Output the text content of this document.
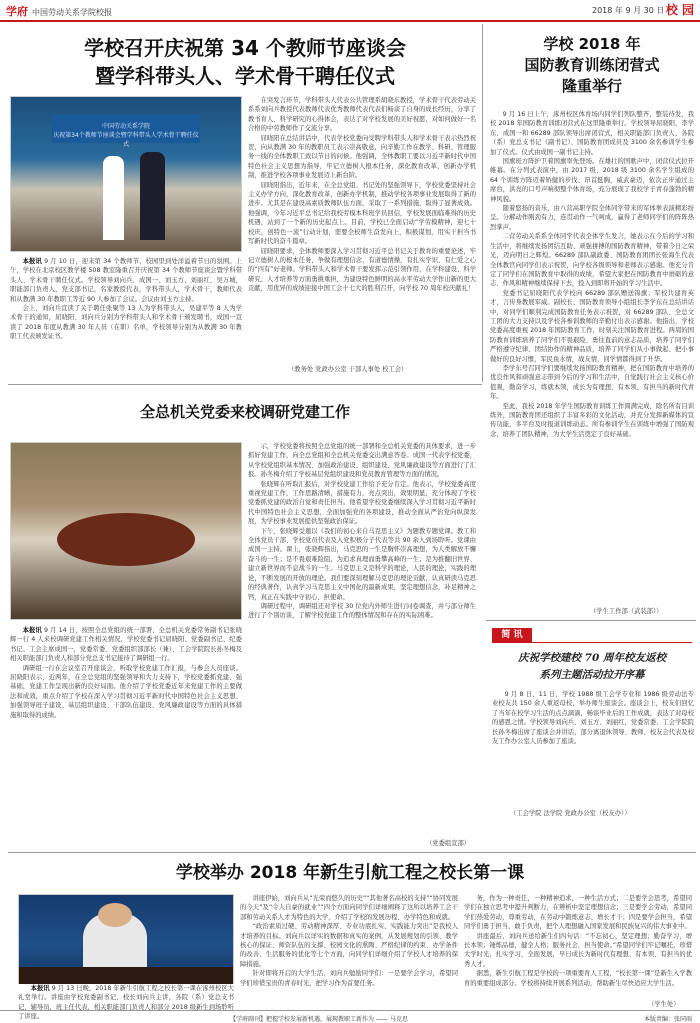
学府 中国劳动关系学院校报	2018 年 9 月 30 日 校 园
学校召开庆祝第 34 个教师节座谈会
暨学科带头人、学术骨干聘任仪式
中国劳动关系学院
庆祝第34个教师节座谈会暨学科带头人学术骨干聘任仪式

本报讯 9 月 10 日，迎来第 34 个教师节，校园里到处洋溢着节日的氛围。上午，学校在北京校区教学楼 508 教室隆重召开庆祝第 34 个教师节座谈会暨学科带头人、学术骨干聘任仪式。学校领导刘向兵、成国一、刘玉方、刘丽红、吴万城，职能部门负责人，党支部书记，名家教授代表，学科带头人，学术骨干，教师代表和从教满 30 年教职工等近 90 人参加了会议。会议由刘玉方主持。

会上，刘向兵宣读了关于聘任张聚等 13 人为学科带头人，吴建平等 8 人为学术骨干的通知，屈晓阳、刘向兵分别为学科带头人和学术骨干颁发聘书，成国一宣读了 2018 年度从教满 30 年人员（在职）名单，学校领导分别为从教满 30 年教职工代表颁发证书。

在突发言环节，学科带头人代表公共管理系胡晓东教授，学术骨干代表劳动关系系刘向兵教授代表教师代表优秀教师代表代表们畅谈了自身的成长经历，分享了教书育人、科学研究的心得体会，表达了对学校发展的美好祝愿，对如何做好一名合格的中劳教师作了交流分享。

屈晓阳在总结讲话中，代表学校党委向受聘学科带头人和学术骨干表示热烈祝贺，向从教满 30 年的教职员工表示崇高敬意，向辛勤工作在教学、科研、管理服务一线的全体教职工致以节日的问候。他强调，全体教职工要以习近平新时代中国特色社会主义思想为指导，牢记立德树人根本任务，深化教育改革，创新办学机制，推进学校各项事业发展迈上新台阶。

屈晓阳指出，近年来，在全总党组、书记处的坚强领导下，学校党委坚持社会主义办学方向，深化教育改革，创新办学机制，推动学校各项事业发展取得了新的进步。尤其是在建设高素质教师队伍方面，采取了一系列措施，取得了显著成效。他强调，今年习近平总书记给我校劳模本科班学员回信，学校发展面临难得的历史机遇，站到了一个新的历史起点上。目前，学校已全面启动“学劳模精神，迎七十校庆，创特色一流”行动计划，需要全校师生奋发向上，积极谋划，用实干担当书写新时代的奋斗篇章。

屈晓阳要求，全体教师要深入学习贯彻习近平总书记关于教育的重要论述，牢记立德树人的根本任务，争做有理想信念、有道德情操、有扎实学识、有仁爱之心的“四有”好老师。学科带头人和学术骨干要发挥示范引领作用，在学科建设、科学研究、人才培养等方面勇挑重担，为建设特色鲜明的高水平劳动大学作出新的更大贡献，用优异的成绩迎接中国工会十七大的胜利召开，向学校 70 周年校庆献礼！

（教务处 党政办公室 干部人事处 校工会）
学校 2018 年
国防教育训练闭营式
隆重举行

9 月 16 日上午，涿州校区体育场内同学们列队整齐，整装待发，我校 2018 年国防教育训练闭营式在这里隆重举行。学校领导屈晓阳、李学东、成国一和 66289 部队领导出席闭营式，相关职能部门负责人、各院（系）党总支书记（副书记）、国防教育团成员及 3100 余名参训学生参加了仪式。仪式由成国一副书记主持。

国旗班方阵护卫着国旗率先登场。在雄壮的国歌声中，闭营仪式拉开帷幕。在分列式表演中，由 2017 级、2018 级 3100 余名学生组成的 64 个训练方阵迈着矫健的步伐、昂首挺胸，威武豪迈，依次正步通过主席台，洪亮的口号声响彻整个体育场，充分展现了我校学子青春蓬勃的精神风貌。

随着悠扬的音乐，由八营高职学院全体同学带来的军体拳表演精彩纷呈。分解动作刚劲有力，连贯动作一气呵成，赢得了老师同学们的阵阵热烈掌声。

二营劳动关系系全体同学代表全体学生发言，她表示在今后的学习和生活中，将继续发扬团结互助、顽强拼搏的国防教育精神，带着今日之荣光，迈向明日之辉煌。66289 部队副政委、国防教育团团长张海生代表全体教官向同学们表示祝贺，向学校各级领导和老师表示感谢。他充分肯定了同学们在国防教育中取得的成绩，希望大家把在国防教育中磨砺的意志、作风和精神继续保持下去，投入到即将开始的学习生活中。

党委书记屈晓阳代表学校向 66289 部队赠送锦旗；军校共建育英才，言传身教展军威。副校长、国防教育领导小组组长李学东在总结讲话中，对同学们顺利完成国防教育任务表示祝贺，对 66289 部队、全总文工团的大力支持以及学校各参训教师的辛勤付出表示感谢。他指出，学校党委高度重视 2018 年国防教育工作，时刻关注国防教育进程。两周的国防教育训练培养了同学们不畏艰险、勇往直前的意志品质，培养了同学们严格遵守纪律、团结协作的精神品质，培养了同学们从小事做起、把小事做好的良好习惯，军民鱼水情，战友情，同学情都得到了升华。

李学东号召同学们要继续发扬国防教育精神，把在国防教育中培养的优良作风和顽强意志带到今后的学习和生活中，自觉践行社会主义核心价值观，勤奋学习，练就本领，成长为有理想、有本领、有担当的新时代青年。

至此，我校 2018 年学生国防教育训练工作圆满完成，除名所有目训练外，国防教育团还组织了丰富多彩的文化活动，并充分发挥新媒体的宣传功能，多平台及时报道训练动态。所有参训学生在训练中增强了国防观念，培养了团队精神，为大学生活奠定了良好基础。

（学生工作部（武装部））
全总机关党委来校调研党建工作

本报讯 9 月 14 日，按照全总党组的统一部署，全总机关党委常务副书记张晓辉一行 4 人来校调研党建工作相关情况，学校党委书记屈晓阳、党委副书记、纪委书记、工会主席成国一，党委常委、党委组织部部长（兼）、工会学院院长孙冬梅及相关职能部门负责人和部分党总支书记接待了调研组一行。

调研组一行在会议室召开座谈会，听取学校党建工作汇报，与参会人员座谈。屈晓阳表示，近两年，在全总党组的坚强领导和大力支持下，学校党委抓党建、强基础，党建工作呈现出新的良好局面。他介绍了学校党委近年来党建工作的主要做法和成效，重点介绍了学校在深入学习贯彻习近平新时代中国特色社会主义思想、加强领导班子建设、基层组织建设、干部队伍建设、党风廉政建设等方面的具体措施和取得的成绩。

示，学校党委将按照全总党组的统一部署和全总机关党委的具体要求，进一步抓好党建工作，向全总党组和全总机关党委交出满意答卷。成国一代表学校党委，从学校党组织基本情况、加强政治建设、组织建设、党风廉政建设等方面进行了汇报。孙冬梅介绍了学校基层党组织建设和党员教育管理等方面的情况。

张晓辉在听取汇报后，对学校党建工作给予充分肯定。他表示，学校党委高度重视党建工作，工作思路清晰，措施有力，亮点突出，效果明显，充分体现了学校党委抓党建的政治自觉和责任担当。他希望学校党委继续深入学习贯彻习近平新时代中国特色社会主义思想，全面加强党的各项建设，推动全面从严治党向纵深发展，为学校事业发展提供坚强政治保证。

下午，张晓辉受邀以《我们的初心来自马克思主义》为题教专题党课。教工和全体党员干部、学校党员代表及入党积极分子代表等共 90 余人到场聆听。党课由成国一主持。课上，张晓辉指出，马克思的一生是胸怀崇高理想，为人类解放不懈奋斗的一生；是不畏艰难险阻，为追求真理而勇攀高峰的一生；是为推翻旧世界、建立新世界而不息战斗的一生。马克思主义是科学的理论，人民的理论，实践的理论，不断发展的开放的理论。我们要深刻理解马克思的理论贡献，认真研读马克思的经典著作，认真学习马克思主义中国化的最新成果，坚定理想信念，补足精神之钙，真正在实践中守初心、担使命。

调研过程中，调研组还对学校 30 位党内外师生进行问卷调查，并与部分师生进行了个别访谈，了解学校党建工作的整体情况和存在的实际困难。

（党委组宣部）
简 讯
庆祝学校建校 70 周年校友返校
系列主题活动拉开序幕

9 月 8 日、11 日，学校 1988 级工会学专业和 1986 级劳动法专业校友共 150 余人重返母校，举办师生座谈会。座谈会上，校友们回忆了当年在校学习生活的点点滴滴，畅谈毕业后的工作成就，表达了对母校的感恩之情。学校领导刘向兵、刘玉方、刘丽红，党委常委、工会学院院长孙冬梅出席了座谈会并讲话，部分离退休领导、教师、校友会代表及校友工作办公室人员参加了座谈。

（工会学院 法学院 党政办公室（校友办））
学校举办 2018 年新生引航工程之校长第一课

本报讯 9 月 13 日晚，2018 年新生引航工程之校长第一课在涿州校区大礼堂举行。讲座由学校党委副书记、校长刘向兵主讲，各院（系）党总支书记，辅导员，班主任代表，相关职能部门负责人和部分 2018 级新生到场聆听了讲座。

讲座伊始，刘向兵从“光荣而悠久的历史”“其他著名高校的支持”“协同发展的今天”及“令人自豪的就业”“四个方面向同学们详细阐释了这所以培养工会干部和劳动关系人才为特色的大学，介绍了学校的发展历程、办学特色和成就。

“政治素质过硬、劳动精神深厚、专业功底扎实、实践能力突出”是我校人才培养的目标。刘向兵以详实的数据和真实的案例，从发展规划的引领、教学核心的保证、师资队伍的支撑、校园文化的熏陶、严格纪律的约束、办学条件的改善、生活服务的优化等七个方面，向同学们详细介绍了学校人才培养的保障措施。

针对即将开启的大学生活，刘向兵勉励同学们：一是要学会学习，希望同学们珍惜宝贵的青春时光，把学习作为首要任务。

务，作为一种责任，一种精神追求，一种生活方式；二是要学会思考，希望同学们在独立思考中提升判断力，在辨析中坚定理想信念；三是要学会劳动，希望同学们热爱劳动，尊重劳动，在劳动中锻炼意志、增长才干；四是要学会担当，希望同学们勇于担当，敢于负责，把个人理想融入国家发展和民族复兴的伟大事业中。

讲座最后，刘向兵送给新生们四句话：“不忘初心，坚定理想；勤奋学习，增长本领；锤炼品德，健全人格；服务社会，担当使命。”希望同学们牢记嘱托，珍惜大学时光，扎实学习，全面发展，早日成长为新时代有理想、有本领、有担当的优秀人才。

据悉，新生引航工程是学校的一项重要育人工程，“校长第一课”是新生入学教育的重要组成部分。学校将持续开展系列活动，帮助新生尽快适应大学生活。

（学生处）
【学府副刊】把握学校发展新机遇，展现教职工新作为 —— 马克思	本版责编：张同雨
